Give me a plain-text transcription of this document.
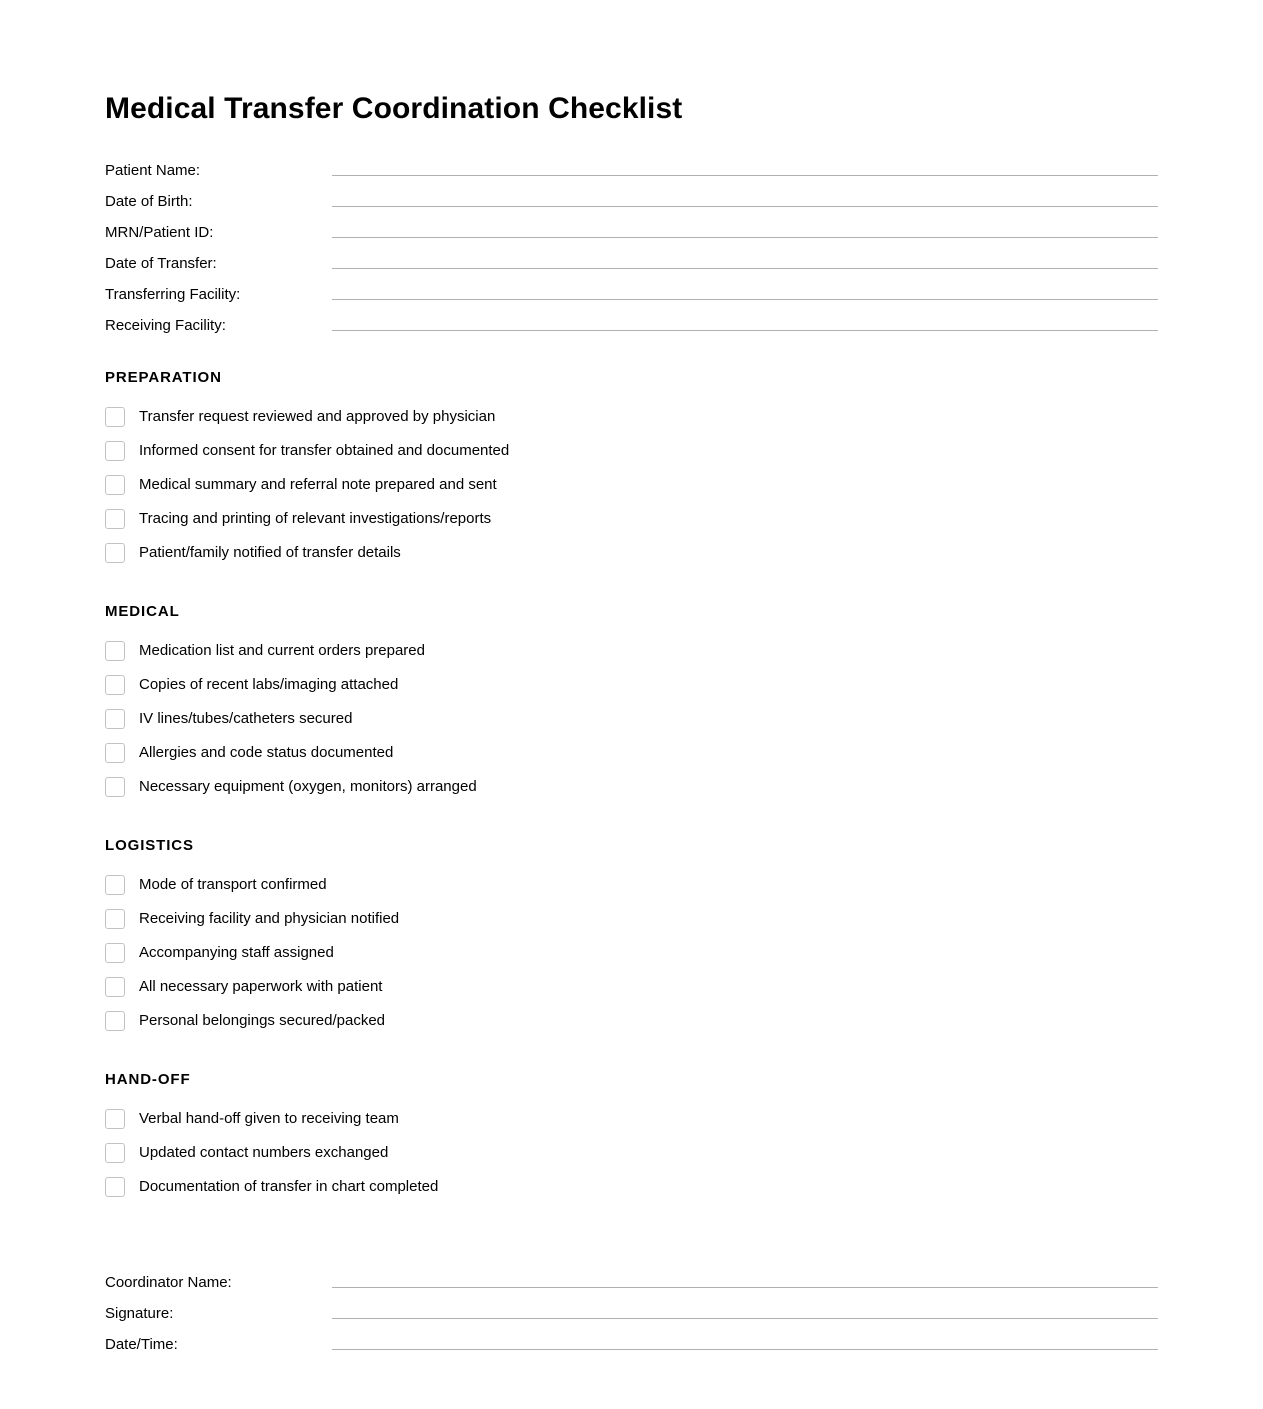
Medical Transfer Coordination Checklist
Patient Name:
Date of Birth:
MRN/Patient ID:
Date of Transfer:
Transferring Facility:
Receiving Facility:
PREPARATION
Transfer request reviewed and approved by physician
Informed consent for transfer obtained and documented
Medical summary and referral note prepared and sent
Tracing and printing of relevant investigations/reports
Patient/family notified of transfer details
MEDICAL
Medication list and current orders prepared
Copies of recent labs/imaging attached
IV lines/tubes/catheters secured
Allergies and code status documented
Necessary equipment (oxygen, monitors) arranged
LOGISTICS
Mode of transport confirmed
Receiving facility and physician notified
Accompanying staff assigned
All necessary paperwork with patient
Personal belongings secured/packed
HAND-OFF
Verbal hand-off given to receiving team
Updated contact numbers exchanged
Documentation of transfer in chart completed
Coordinator Name:
Signature:
Date/Time:
